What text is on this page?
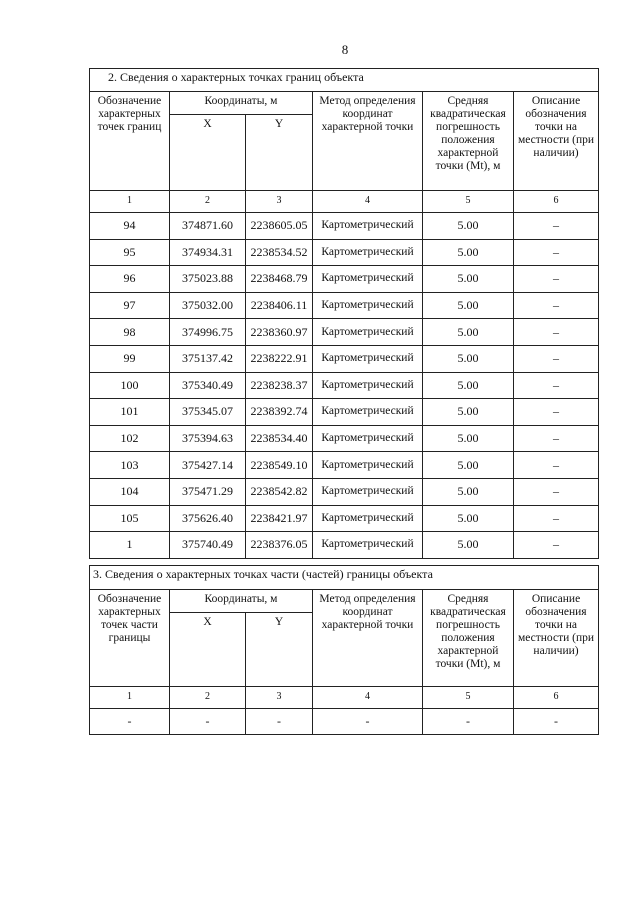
8
2. Сведения о характерных точках границ объекта					
Обозначение характерных точек границ	Координаты, м		Метод определения координат характерной точки	Средняя квадратическая погрешность положения характерной точки (Mt), м	Описание обозначения точки на местности (при наличии)
	X	Y			
1	2	3	4	5	6
94	374871.60	2238605.05	Картометрический	5.00	–
95	374934.31	2238534.52	Картометрический	5.00	–
96	375023.88	2238468.79	Картометрический	5.00	–
97	375032.00	2238406.11	Картометрический	5.00	–
98	374996.75	2238360.97	Картометрический	5.00	–
99	375137.42	2238222.91	Картометрический	5.00	–
100	375340.49	2238238.37	Картометрический	5.00	–
101	375345.07	2238392.74	Картометрический	5.00	–
102	375394.63	2238534.40	Картометрический	5.00	–
103	375427.14	2238549.10	Картометрический	5.00	–
104	375471.29	2238542.82	Картометрический	5.00	–
105	375626.40	2238421.97	Картометрический	5.00	–
1	375740.49	2238376.05	Картометрический	5.00	–
3. Сведения о характерных точках части (частей) границы объекта					
Обозначение характерных точек части границы	Координаты, м		Метод определения координат характерной точки	Средняя квадратическая погрешность положения характерной точки (Mt), м	Описание обозначения точки на местности (при наличии)
	X	Y			
1	2	3	4	5	6
-	-	-	-	-	-
